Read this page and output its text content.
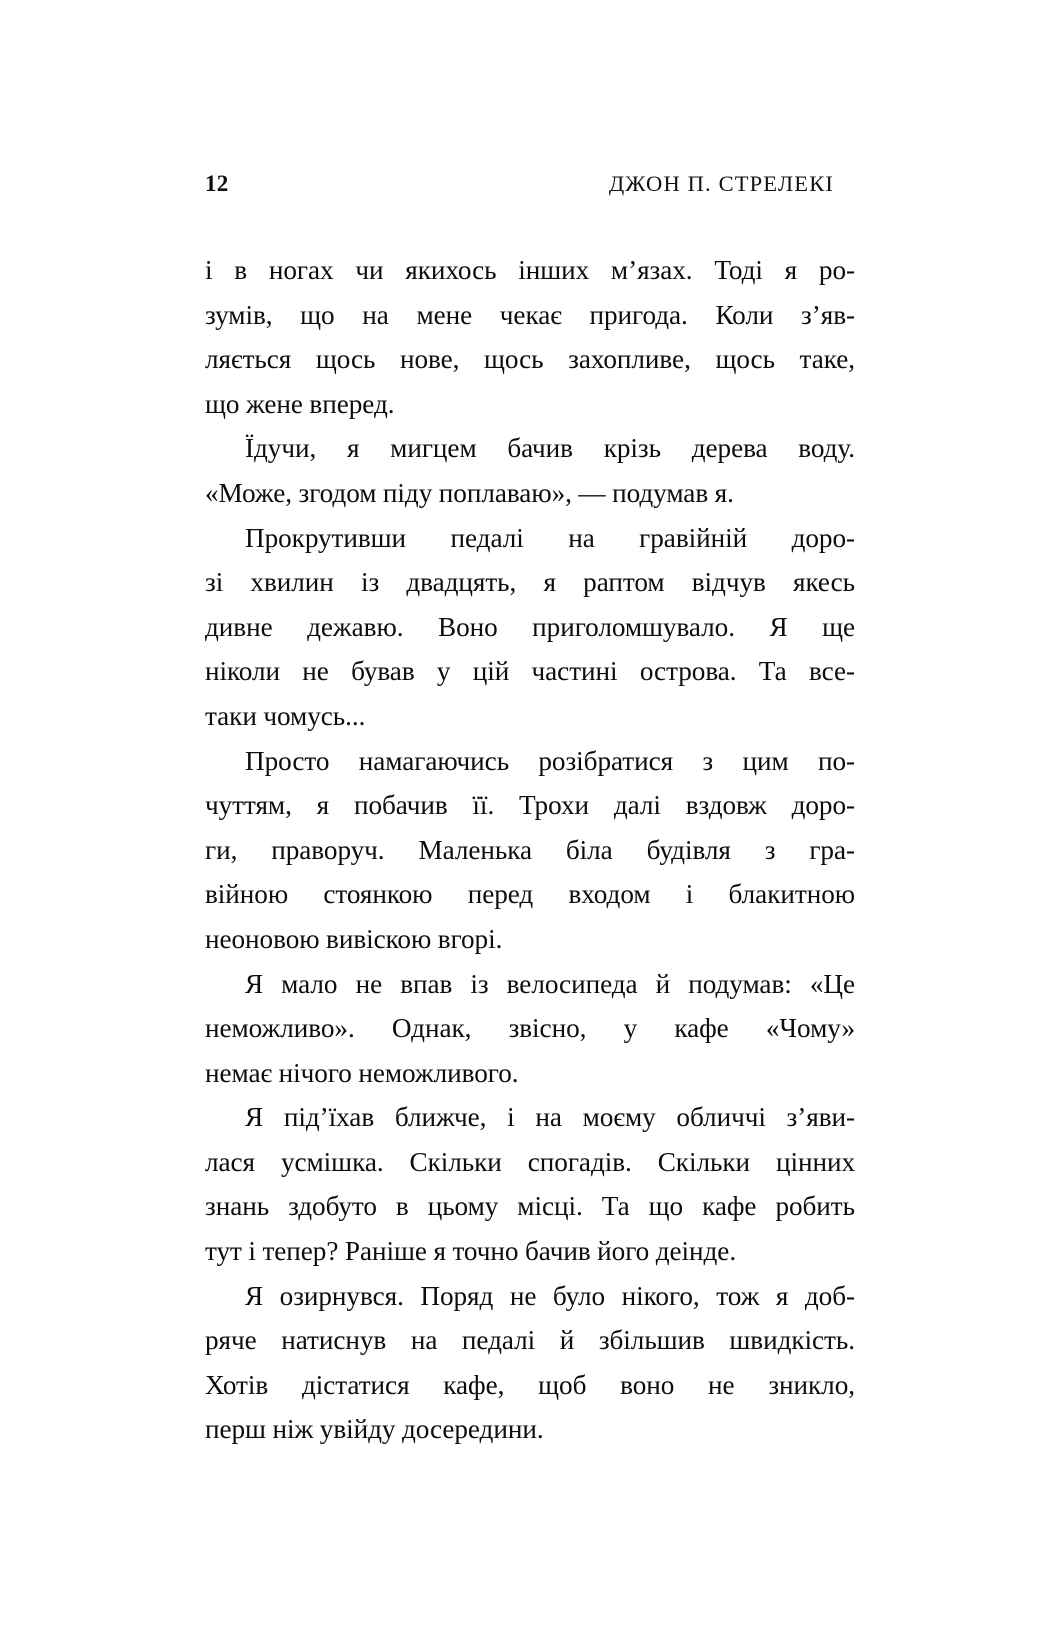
12	ДЖОН П. СТРЕЛЕКІ

і в ногах чи якихось інших м’язах. Тоді я ро-
зумів, що на мене чекає пригода. Коли з’яв-
ляється щось нове, щось захопливе, щось таке,
що жене вперед.

Їдучи, я мигцем бачив крізь дерева воду.
«Може, згодом піду поплаваю», — подумав я.

Прокрутивши педалі на гравійній доро-
зі хвилин із двадцять, я раптом відчув якесь
дивне дежавю. Воно приголомшувало. Я ще
ніколи не бував у цій частині острова. Та все-
таки чомусь...

Просто намагаючись розібратися з цим по-
чуттям, я побачив її. Трохи далі вздовж доро-
ги, праворуч. Маленька біла будівля з гра-
війною стоянкою перед входом і блакитною
неоновою вивіскою вгорі.

Я мало не впав із велосипеда й подумав: «Це
неможливо». Однак, звісно, у кафе «Чому»
немає нічого неможливого.

Я під’їхав ближче, і на моєму обличчі з’яви-
лася усмішка. Скільки спогадів. Скільки цінних
знань здобуто в цьому місці. Та що кафе робить
тут і тепер? Раніше я точно бачив його деінде.

Я озирнувся. Поряд не було нікого, тож я доб-
ряче натиснув на педалі й збільшив швидкість.
Хотів дістатися кафе, щоб воно не зникло,
перш ніж увійду досередини.
